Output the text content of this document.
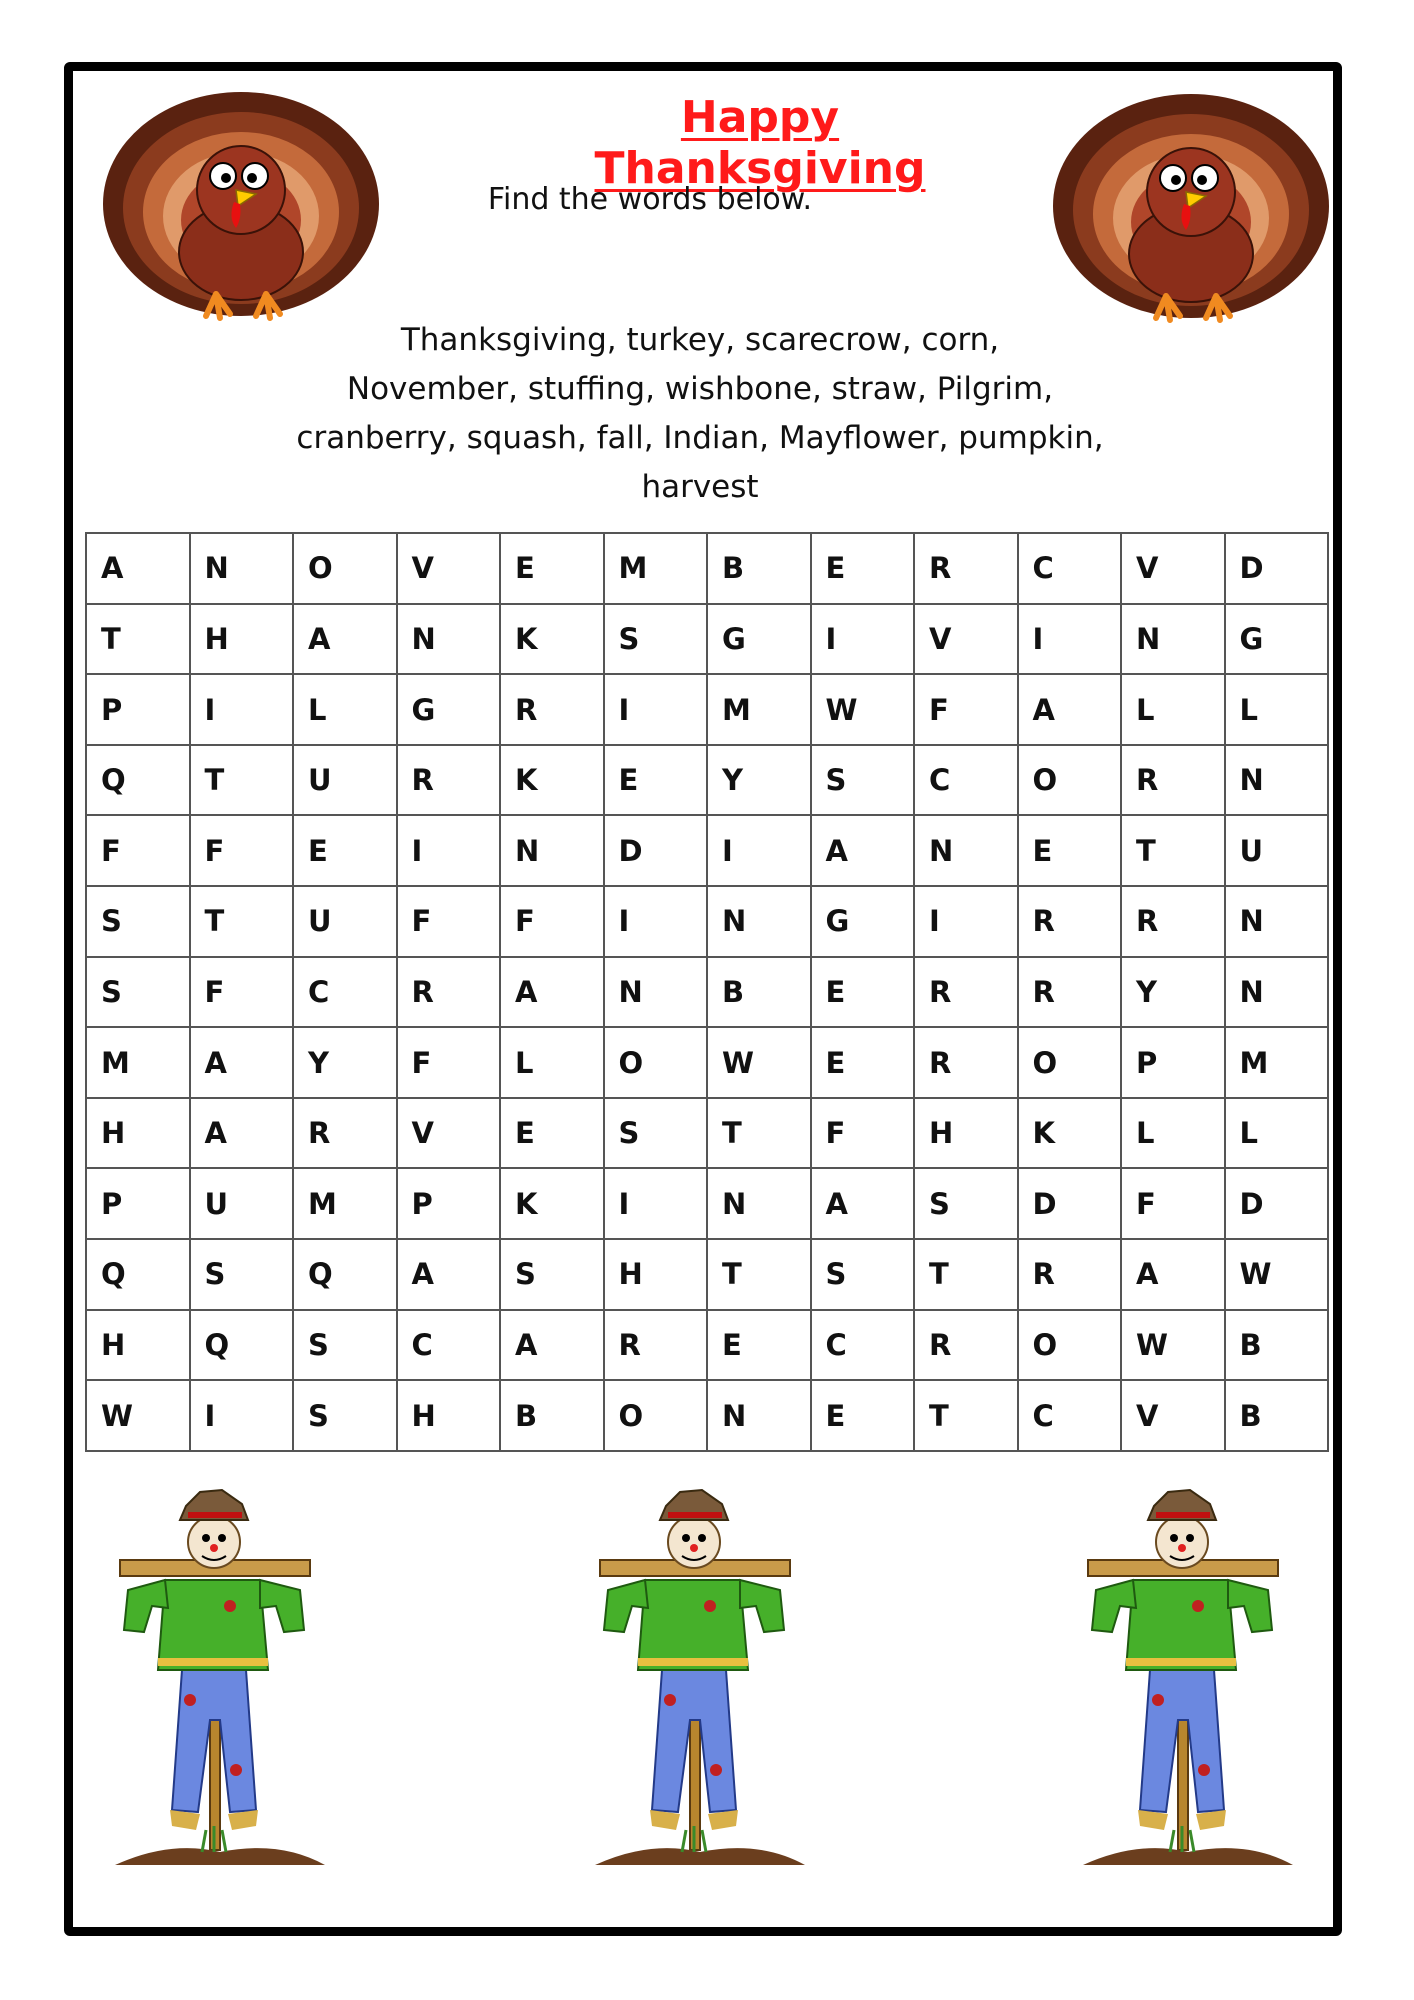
Happy Thanksgiving

Find the words below.

Thanksgiving, turkey, scarecrow, corn,
November, stuffing, wishbone, straw, Pilgrim,
cranberry, squash, fall, Indian, Mayflower, pumpkin,
harvest
A	N	O	V	E	M	B	E	R	C	V	D
T	H	A	N	K	S	G	I	V	I	N	G
P	I	L	G	R	I	M	W	F	A	L	L
Q	T	U	R	K	E	Y	S	C	O	R	N
F	F	E	I	N	D	I	A	N	E	T	U
S	T	U	F	F	I	N	G	I	R	R	N
S	F	C	R	A	N	B	E	R	R	Y	N
M	A	Y	F	L	O	W	E	R	O	P	M
H	A	R	V	E	S	T	F	H	K	L	L
P	U	M	P	K	I	N	A	S	D	F	D
Q	S	Q	A	S	H	T	S	T	R	A	W
H	Q	S	C	A	R	E	C	R	O	W	B
W	I	S	H	B	O	N	E	T	C	V	B
